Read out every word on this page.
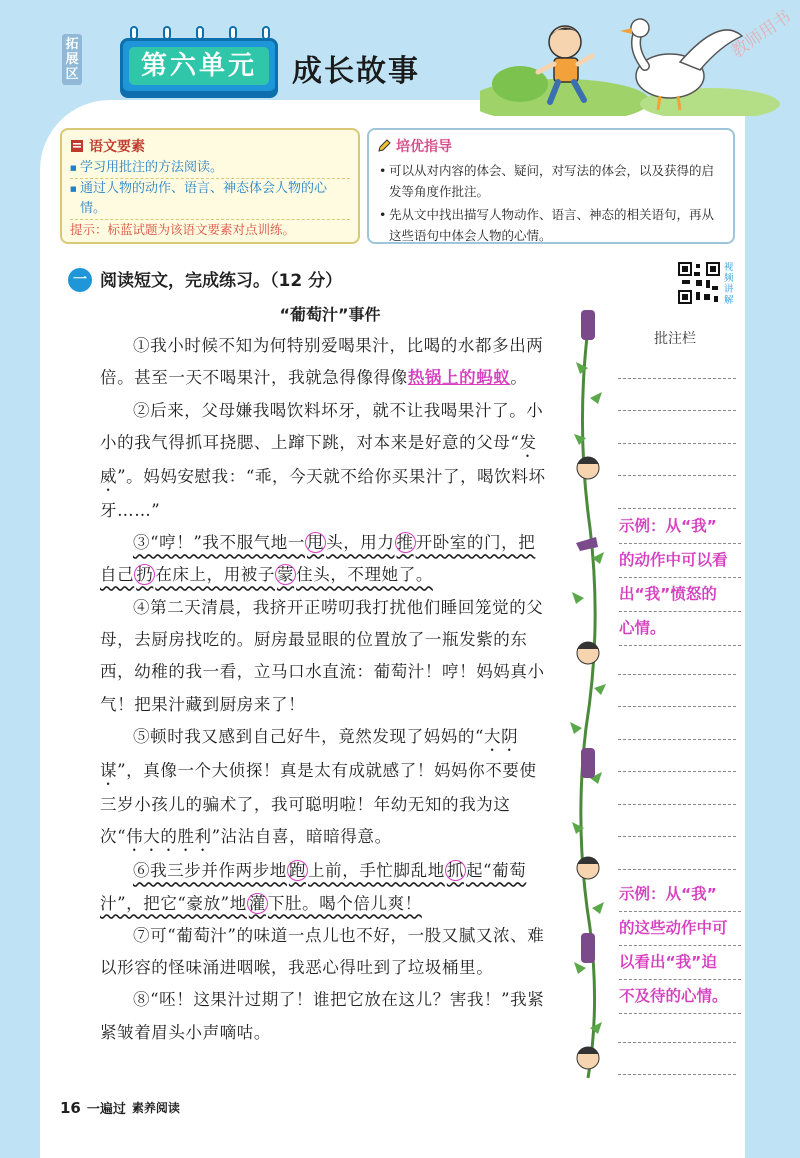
拓展区	第六单元	成长故事
教师用书
语文要素
■ 学习用批注的方法阅读。
■ 通过人物的动作、语言、神态体会人物的心情。
提示：标蓝试题为该语文要素对点训练。
培优指导
• 可以从对内容的体会、疑问，对写法的体会，以及获得的启发等角度作批注。
• 先从文中找出描写人物动作、语言、神态的相关语句，再从这些语句中体会人物的心情。
一 阅读短文，完成练习。（12 分）
视频讲解
“葡萄汁”事件

①我小时候不知为何特别爱喝果汁，比喝的水都多出两倍。甚至一天不喝果汁，我就急得像得像热锅上的蚂蚁。

②后来，父母嫌我喝饮料坏牙，就不让我喝果汁了。小小的我气得抓耳挠腮、上蹿下跳，对本来是好意的父母“发威”。妈妈安慰我：“乖，今天就不给你买果汁了，喝饮料坏牙……”

③“哼！”我不服气地一 甩 头，用力 推 开卧室的门，把自己 扔 在床上，用被子 蒙 住头，不理她了。

④第二天清晨，我挤开正唠叨我打扰他们睡回笼觉的父母，去厨房找吃的。厨房最显眼的位置放了一瓶发紫的东西，幼稚的我一看，立马口水直流：葡萄汁！哼！妈妈真小气！把果汁藏到厨房来了！

⑤顿时我又感到自己好牛，竟然发现了妈妈的“大阴谋”，真像一个大侦探！真是太有成就感了！妈妈你不要使三岁小孩儿的骗术了，我可聪明啦！年幼无知的我为这次“伟大的胜利”沾沾自喜，暗暗得意。

⑥我三步并作两步地 跑 上前，手忙脚乱地 抓 起“葡萄汁”，把它“豪放”地 灌 下肚。喝个倍儿爽！

⑦可“葡萄汁”的味道一点儿也不好，一股又腻又浓、难以形容的怪味涌进咽喉，我恶心得吐到了垃圾桶里。

⑧“呸！这果汁过期了！谁把它放在这儿？害我！”我紧紧皱着眉头小声嘀咕。

批注栏
示例：从“我”
的动作中可以看
出“我”愤怒的
心情。
示例：从“我”
的这些动作中可
以看出“我”迫
不及待的心情。
16 一遍过 素养阅读
